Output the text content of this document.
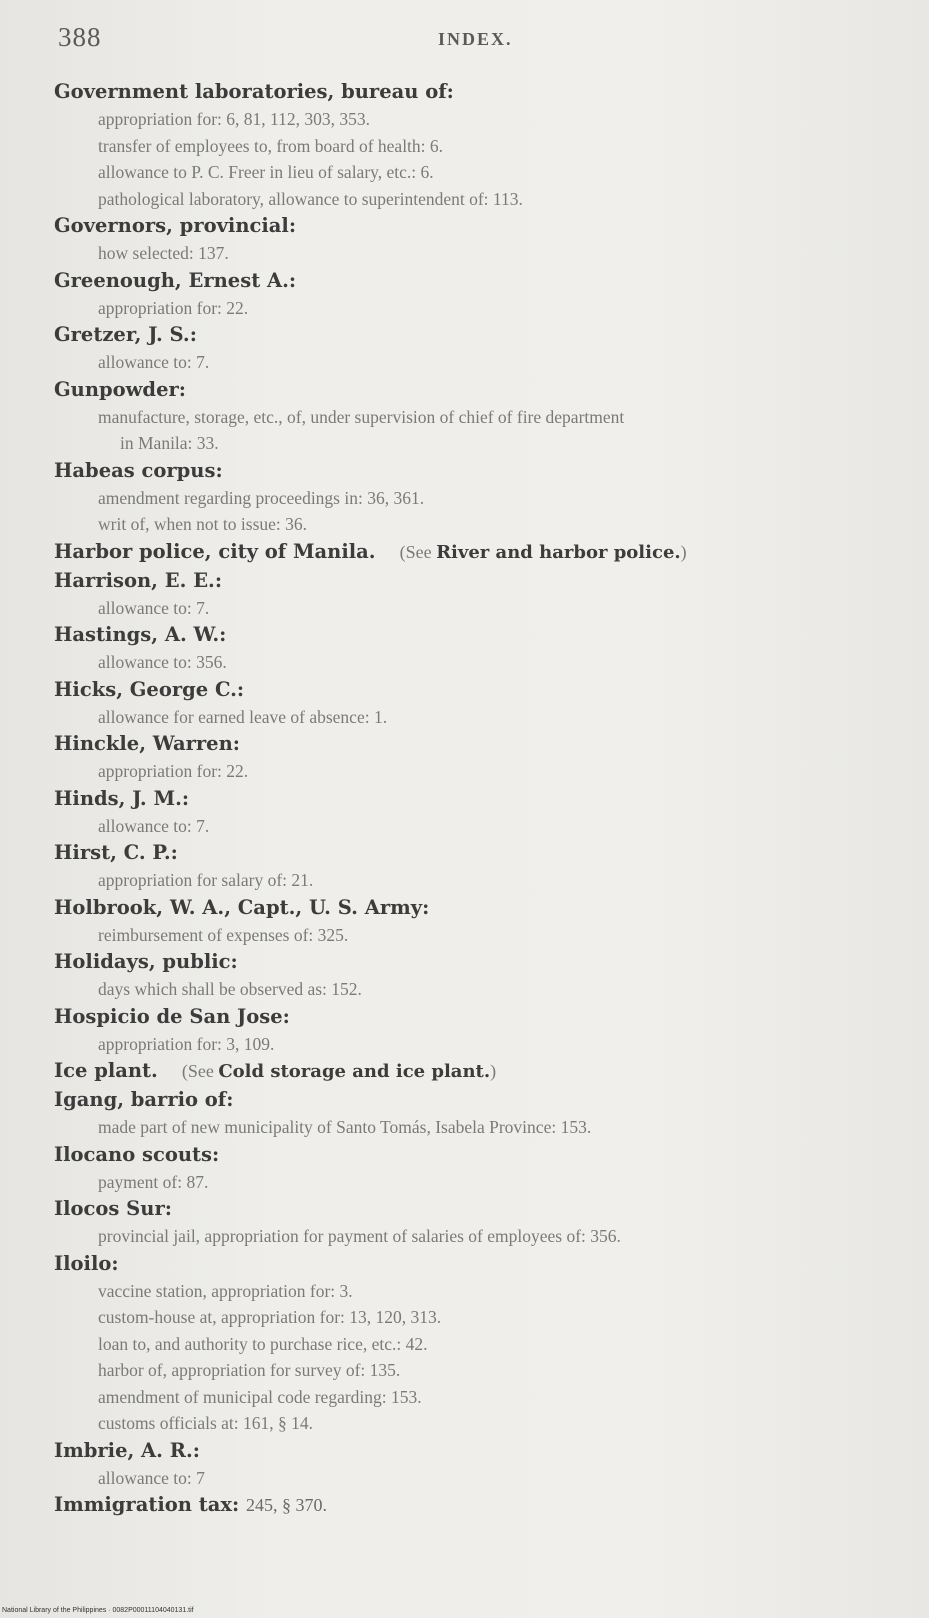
388	INDEX.
Government laboratories, bureau of:
appropriation for: 6, 81, 112, 303, 353.
transfer of employees to, from board of health: 6.
allowance to P. C. Freer in lieu of salary, etc.: 6.
pathological laboratory, allowance to superintendent of: 113.
Governors, provincial:
how selected: 137.
Greenough, Ernest A.:
appropriation for: 22.
Gretzer, J. S.:
allowance to: 7.
Gunpowder:
manufacture, storage, etc., of, under supervision of chief of fire department
in Manila: 33.
Habeas corpus:
amendment regarding proceedings in: 36, 361.
writ of, when not to issue: 36.
Harbor police, city of Manila. (See River and harbor police.)
Harrison, E. E.:
allowance to: 7.
Hastings, A. W.:
allowance to: 356.
Hicks, George C.:
allowance for earned leave of absence: 1.
Hinckle, Warren:
appropriation for: 22.
Hinds, J. M.:
allowance to: 7.
Hirst, C. P.:
appropriation for salary of: 21.
Holbrook, W. A., Capt., U. S. Army:
reimbursement of expenses of: 325.
Holidays, public:
days which shall be observed as: 152.
Hospicio de San Jose:
appropriation for: 3, 109.
Ice plant. (See Cold storage and ice plant.)
Igang, barrio of:
made part of new municipality of Santo Tomás, Isabela Province: 153.
Ilocano scouts:
payment of: 87.
Ilocos Sur:
provincial jail, appropriation for payment of salaries of employees of: 356.
Iloilo:
vaccine station, appropriation for: 3.
custom-house at, appropriation for: 13, 120, 313.
loan to, and authority to purchase rice, etc.: 42.
harbor of, appropriation for survey of: 135.
amendment of municipal code regarding: 153.
customs officials at: 161, § 14.
Imbrie, A. R.:
allowance to: 7
Immigration tax: 245, § 370.
National Library of the Philippines · 0082P00011104040131.tif
